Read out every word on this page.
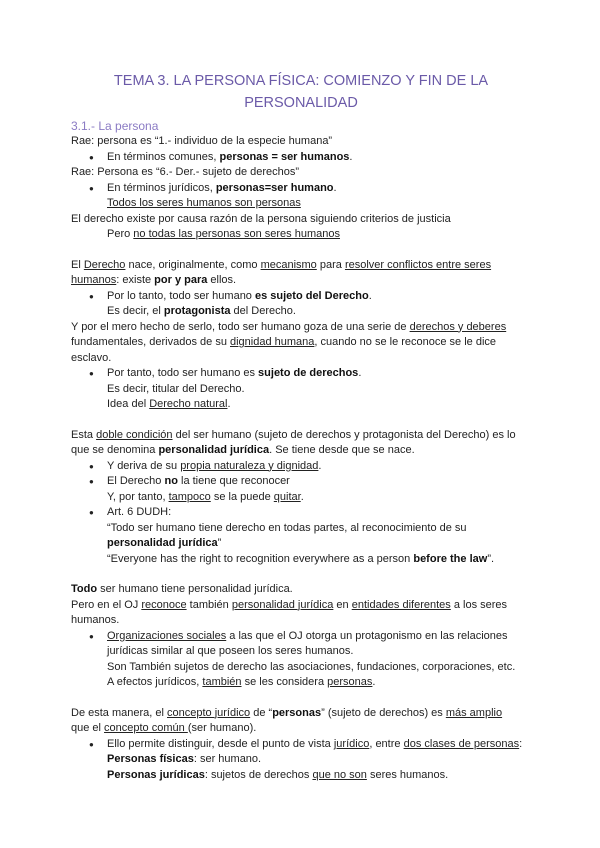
TEMA 3. LA PERSONA FÍSICA: COMIENZO Y FIN DE LA PERSONALIDAD
3.1.- La persona
Rae: persona es “1.- individuo de la especie humana”
● En términos comunes, personas = ser humanos.
Rae: Persona es “6.- Der.- sujeto de derechos”
● En términos jurídicos, personas=ser humano.
Todos los seres humanos son personas
El derecho existe por causa razón de la persona siguiendo criterios de justicia
Pero no todas las personas son seres humanos
El Derecho nace, originalmente, como mecanismo para resolver conflictos entre seres
humanos: existe por y para ellos.
● Por lo tanto, todo ser humano es sujeto del Derecho.
Es decir, el protagonista del Derecho.
Y por el mero hecho de serlo, todo ser humano goza de una serie de derechos y deberes
fundamentales, derivados de su dignidad humana, cuando no se le reconoce se le dice
esclavo.
● Por tanto, todo ser humano es sujeto de derechos.
Es decir, titular del Derecho.
Idea del Derecho natural.
Esta doble condición del ser humano (sujeto de derechos y protagonista del Derecho) es lo
que se denomina personalidad jurídica. Se tiene desde que se nace.
● Y deriva de su propia naturaleza y dignidad.
● El Derecho no la tiene que reconocer
Y, por tanto, tampoco se la puede quitar.
● Art. 6 DUDH:
“Todo ser humano tiene derecho en todas partes, al reconocimiento de su
personalidad jurídica”
“Everyone has the right to recognition everywhere as a person before the law”.
Todo ser humano tiene personalidad jurídica.
Pero en el OJ reconoce también personalidad jurídica en entidades diferentes a los seres
humanos.
● Organizaciones sociales a las que el OJ otorga un protagonismo en las relaciones
jurídicas similar al que poseen los seres humanos.
Son También sujetos de derecho las asociaciones, fundaciones, corporaciones, etc.
A efectos jurídicos, también se les considera personas.
De esta manera, el concepto jurídico de “personas” (sujeto de derechos) es más amplio
que el concepto común (ser humano).
● Ello permite distinguir, desde el punto de vista jurídico, entre dos clases de personas:
Personas físicas: ser humano.
Personas jurídicas: sujetos de derechos que no son seres humanos.
